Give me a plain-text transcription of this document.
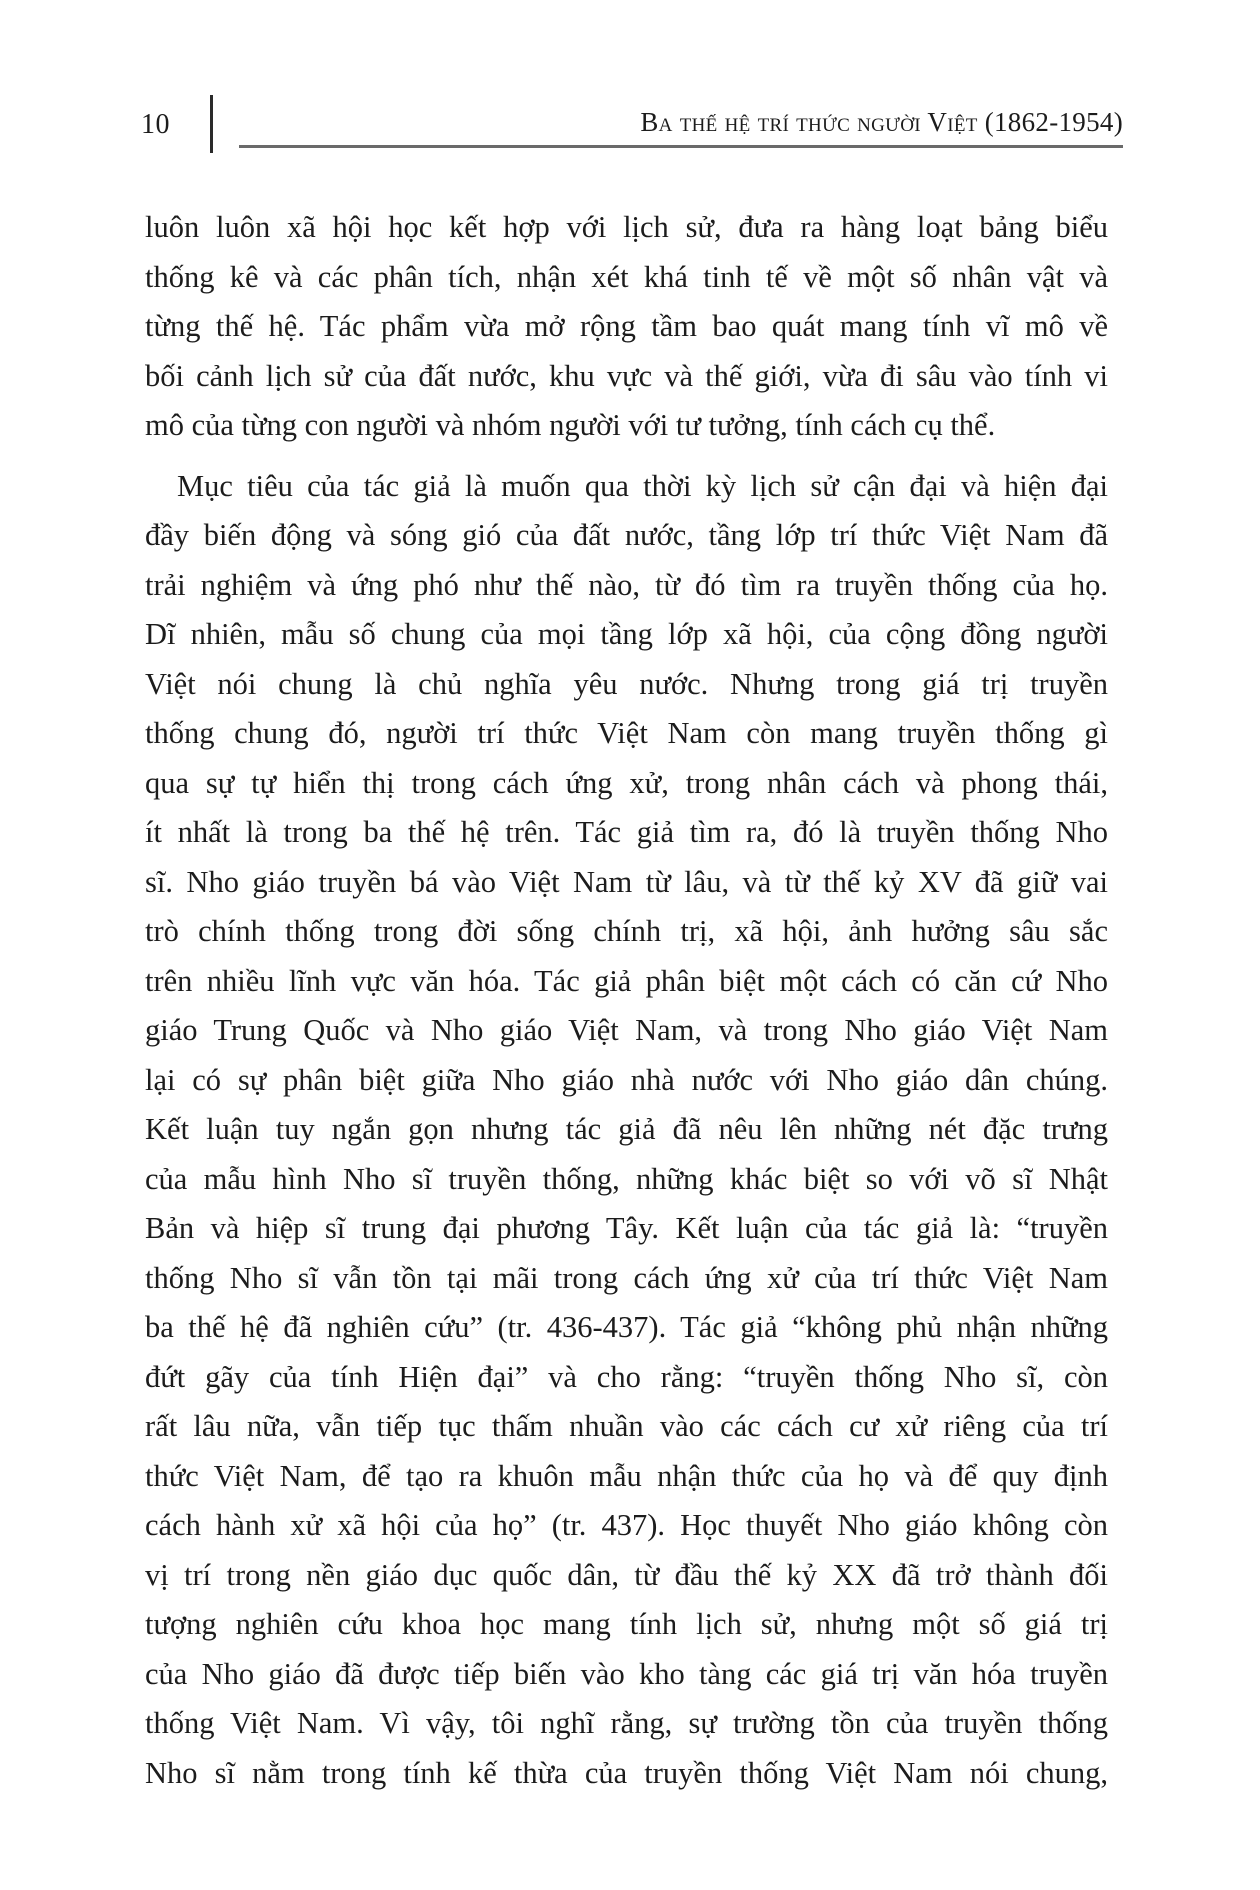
10	Ba thế hệ trí thức người Việt (1862-1954)
luôn luôn xã hội học kết hợp với lịch sử, đưa ra hàng loạt bảng biểu
thống kê và các phân tích, nhận xét khá tinh tế về một số nhân vật và
từng thế hệ. Tác phẩm vừa mở rộng tầm bao quát mang tính vĩ mô về
bối cảnh lịch sử của đất nước, khu vực và thế giới, vừa đi sâu vào tính vi
mô của từng con người và nhóm người với tư tưởng, tính cách cụ thể.
Mục tiêu của tác giả là muốn qua thời kỳ lịch sử cận đại và hiện đại
đầy biến động và sóng gió của đất nước, tầng lớp trí thức Việt Nam đã
trải nghiệm và ứng phó như thế nào, từ đó tìm ra truyền thống của họ.
Dĩ nhiên, mẫu số chung của mọi tầng lớp xã hội, của cộng đồng người
Việt nói chung là chủ nghĩa yêu nước. Nhưng trong giá trị truyền
thống chung đó, người trí thức Việt Nam còn mang truyền thống gì
qua sự tự hiển thị trong cách ứng xử, trong nhân cách và phong thái,
ít nhất là trong ba thế hệ trên. Tác giả tìm ra, đó là truyền thống Nho
sĩ. Nho giáo truyền bá vào Việt Nam từ lâu, và từ thế kỷ XV đã giữ vai
trò chính thống trong đời sống chính trị, xã hội, ảnh hưởng sâu sắc
trên nhiều lĩnh vực văn hóa. Tác giả phân biệt một cách có căn cứ Nho
giáo Trung Quốc và Nho giáo Việt Nam, và trong Nho giáo Việt Nam
lại có sự phân biệt giữa Nho giáo nhà nước với Nho giáo dân chúng.
Kết luận tuy ngắn gọn nhưng tác giả đã nêu lên những nét đặc trưng
của mẫu hình Nho sĩ truyền thống, những khác biệt so với võ sĩ Nhật
Bản và hiệp sĩ trung đại phương Tây. Kết luận của tác giả là: “truyền
thống Nho sĩ vẫn tồn tại mãi trong cách ứng xử của trí thức Việt Nam
ba thế hệ đã nghiên cứu” (tr. 436-437). Tác giả “không phủ nhận những
đứt gãy của tính Hiện đại” và cho rằng: “truyền thống Nho sĩ, còn
rất lâu nữa, vẫn tiếp tục thấm nhuần vào các cách cư xử riêng của trí
thức Việt Nam, để tạo ra khuôn mẫu nhận thức của họ và để quy định
cách hành xử xã hội của họ” (tr. 437). Học thuyết Nho giáo không còn
vị trí trong nền giáo dục quốc dân, từ đầu thế kỷ XX đã trở thành đối
tượng nghiên cứu khoa học mang tính lịch sử, nhưng một số giá trị
của Nho giáo đã được tiếp biến vào kho tàng các giá trị văn hóa truyền
thống Việt Nam. Vì vậy, tôi nghĩ rằng, sự trường tồn của truyền thống
Nho sĩ nằm trong tính kế thừa của truyền thống Việt Nam nói chung,
